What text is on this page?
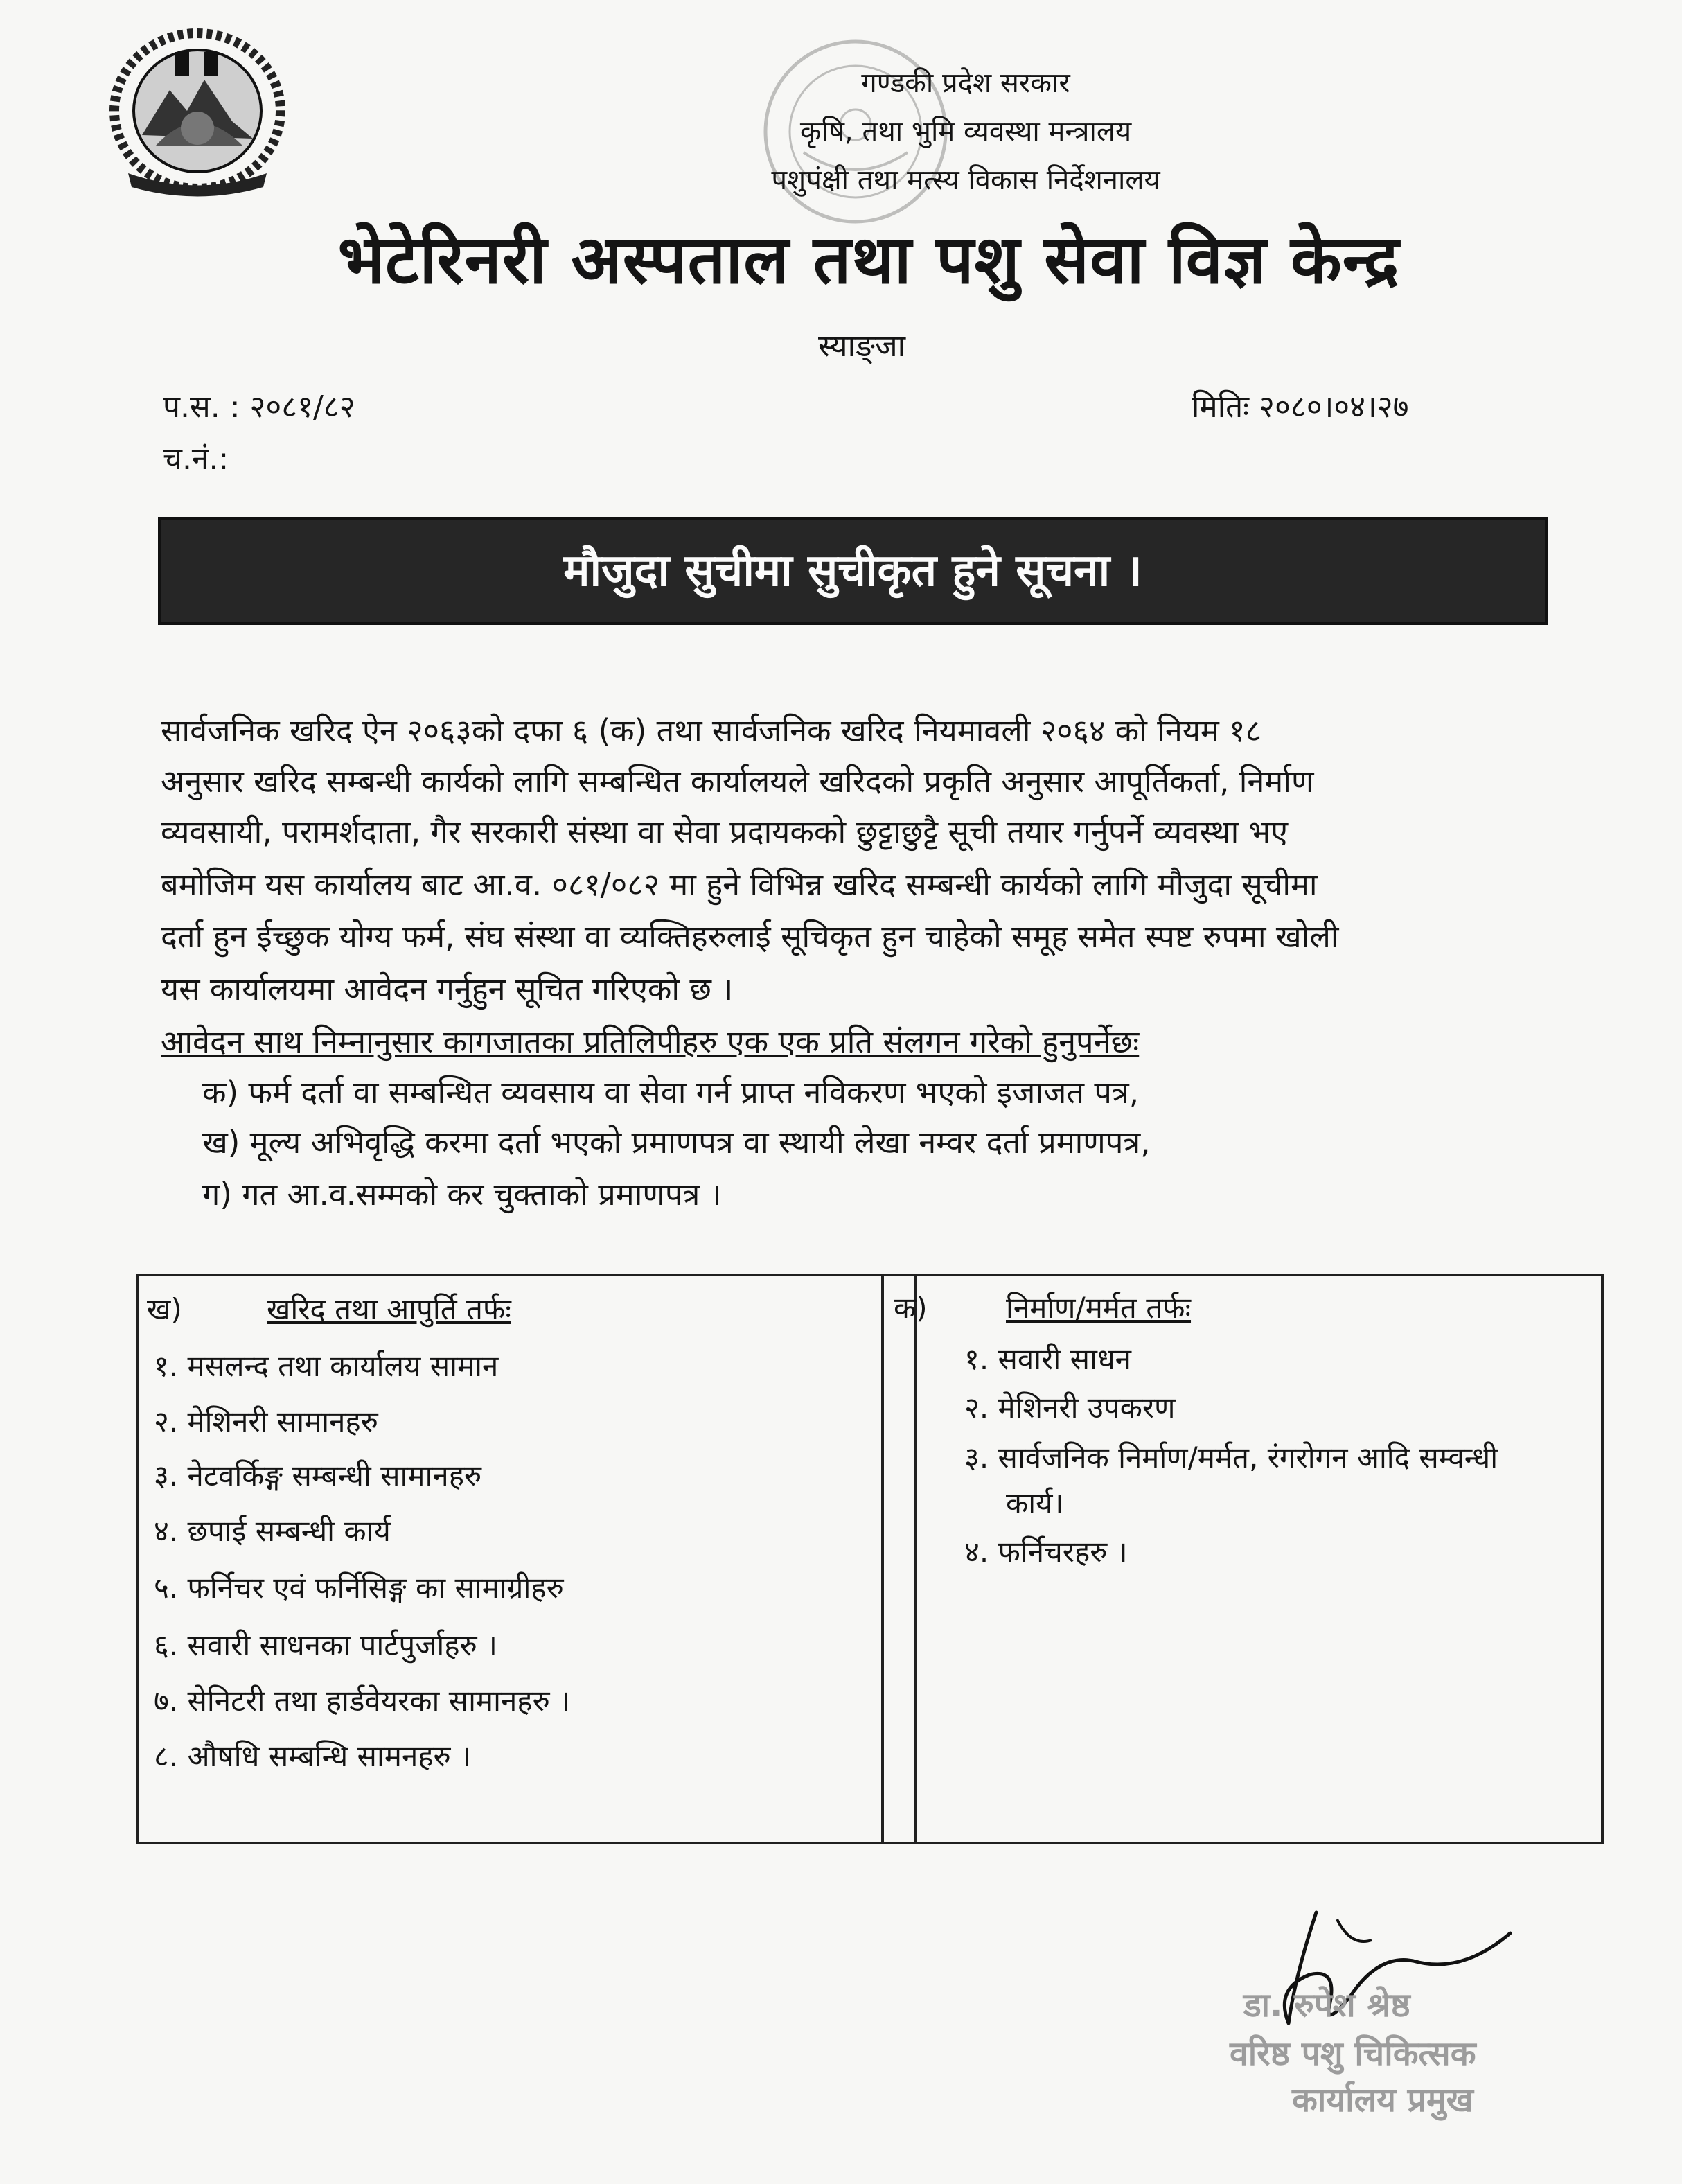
गण्डकी प्रदेश सरकार
कृषि, तथा भुमि व्यवस्था मन्त्रालय
पशुपंक्षी तथा मत्स्य विकास निर्देशनालय
भेटेरिनरी अस्पताल तथा पशु सेवा विज्ञ केन्द्र
स्याङ्जा
प.स. : २०८१/८२
च.नं.:
मितिः २०८०।०४।२७
मौजुदा सुचीमा सुचीकृत हुने सूचना ।
सार्वजनिक खरिद ऐन २०६३को दफा ६ (क) तथा सार्वजनिक खरिद नियमावली २०६४ को नियम १८
अनुसार खरिद सम्बन्धी कार्यको लागि सम्बन्धित कार्यालयले खरिदको प्रकृति अनुसार आपूर्तिकर्ता, निर्माण
व्यवसायी, परामर्शदाता, गैर सरकारी संस्था वा सेवा प्रदायकको छुट्टाछुट्टै सूची तयार गर्नुपर्ने व्यवस्था भए
बमोजिम यस कार्यालय बाट आ.व. ०८१/०८२ मा हुने विभिन्न खरिद सम्बन्धी कार्यको लागि मौजुदा सूचीमा
दर्ता हुन ईच्छुक योग्य फर्म, संघ संस्था वा व्यक्तिहरुलाई सूचिकृत हुन चाहेको समूह समेत स्पष्ट रुपमा खोली
यस कार्यालयमा आवेदन गर्नुहुन सूचित गरिएको छ ।
आवेदन साथ निम्नानुसार कागजातका प्रतिलिपीहरु एक एक प्रति संलगन गरेको हुनुपर्नेछः
क) फर्म दर्ता वा सम्बन्धित व्यवसाय वा सेवा गर्न प्राप्त नविकरण भएको इजाजत पत्र,
ख) मूल्य अभिवृद्धि करमा दर्ता भएको प्रमाणपत्र वा स्थायी लेखा नम्वर दर्ता प्रमाणपत्र,
ग) गत आ.व.सम्मको कर चुक्ताको प्रमाणपत्र ।
ख)	खरिद तथा आपुर्ति तर्फः
१. मसलन्द तथा कार्यालय सामान
२. मेशिनरी सामानहरु
३. नेटवर्किङ्ग सम्बन्धी सामानहरु
४. छपाई सम्बन्धी कार्य
५. फर्निचर एवं फर्निसिङ्ग का सामाग्रीहरु
६. सवारी साधनका पार्टपुर्जाहरु ।
७. सेनिटरी तथा हार्डवेयरका सामानहरु ।
८. औषधि सम्बन्धि सामनहरु ।
क)	निर्माण/मर्मत तर्फः
१. सवारी साधन
२. मेशिनरी उपकरण
३. सार्वजनिक निर्माण/मर्मत, रंगरोगन आदि सम्वन्धी
कार्य।
४. फर्निचरहरु ।
डा. रुपेश श्रेष्ठ
वरिष्ठ पशु चिकित्सक
कार्यालय प्रमुख
